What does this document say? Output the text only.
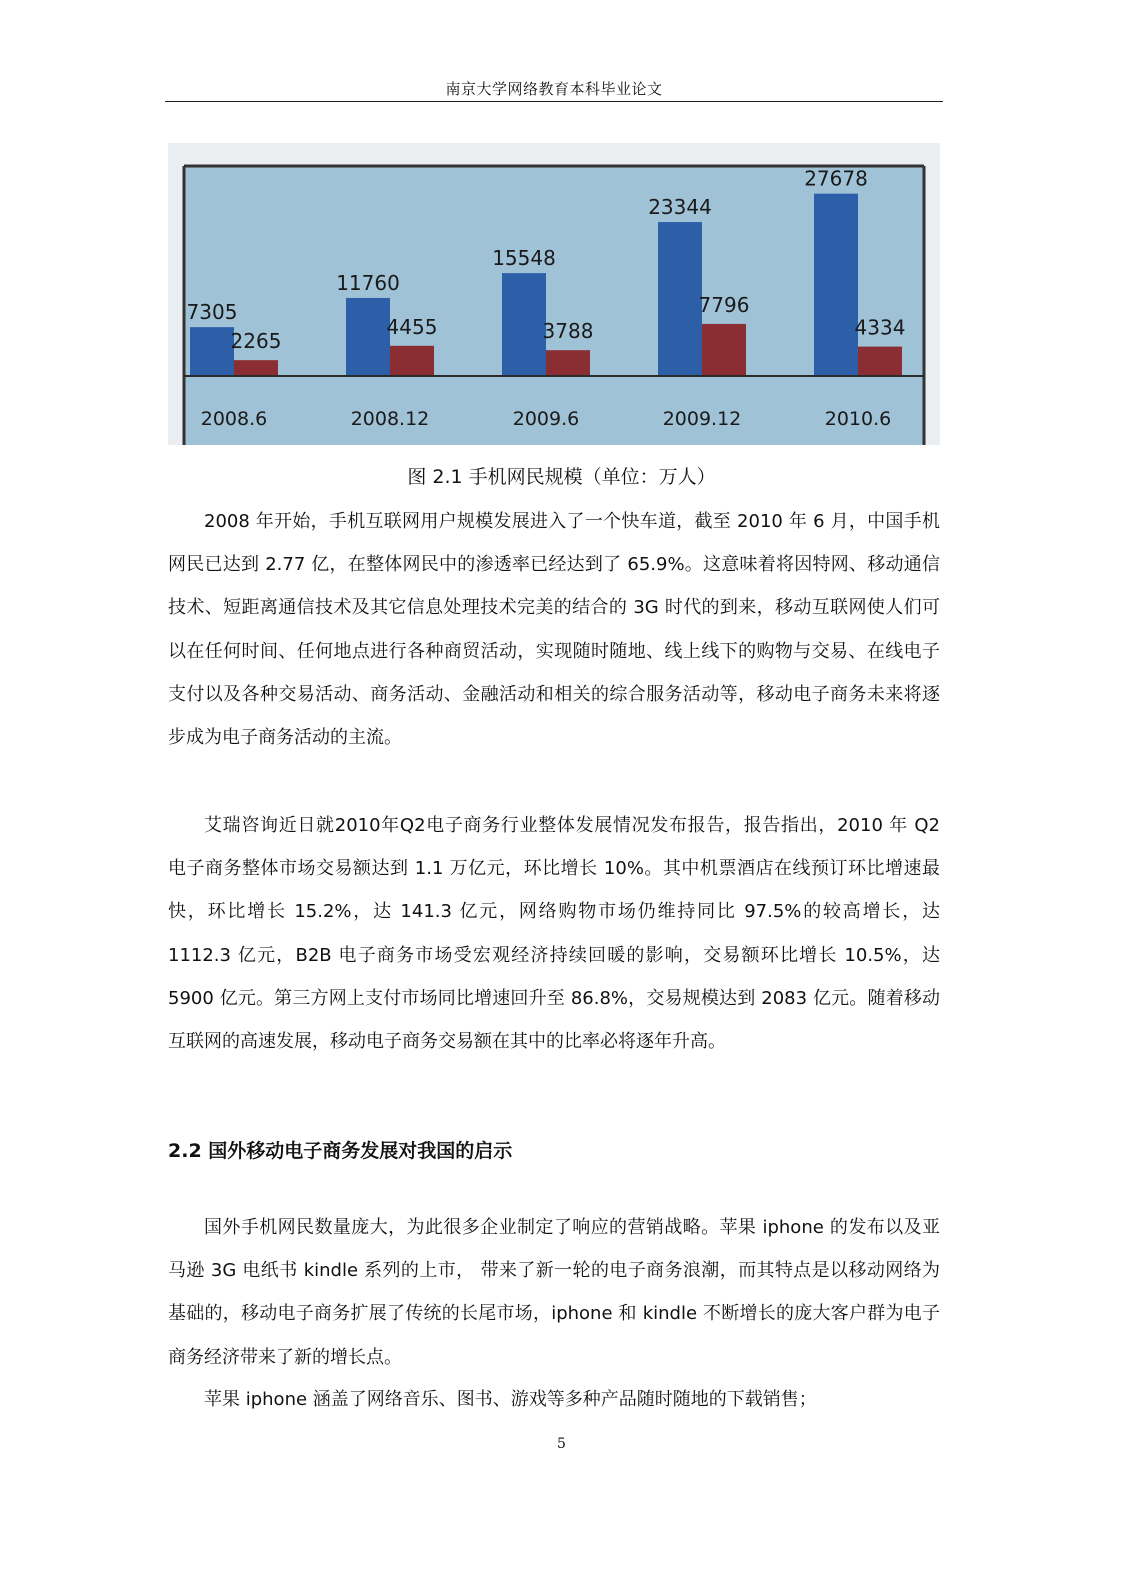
南京大学网络教育本科毕业论文
7305
11760
15548
23344
27678
2265
4455	3788
7796
4334
2008.6	2008.12	2009.6	2009.12	2010.6
图 2.1 手机网民规模（单位：万人）

2008 年开始，手机互联网用户规模发展进入了一个快车道，截至 2010 年 6 月，中国手机网民已达到 2.77 亿，在整体网民中的渗透率已经达到了 65.9%。这意味着将因特网、移动通信技术、短距离通信技术及其它信息处理技术完美的结合的 3G 时代的到来，移动互联网使人们可以在任何时间、任何地点进行各种商贸活动，实现随时随地、线上线下的购物与交易、在线电子支付以及各种交易活动、商务活动、金融活动和相关的综合服务活动等，移动电子商务未来将逐步成为电子商务活动的主流。

艾瑞咨询近日就2010年Q2电子商务行业整体发展情况发布报告，报告指出，2010 年 Q2 电子商务整体市场交易额达到 1.1 万亿元，环比增长 10%。其中机票酒店在线预订环比增速最快，环比增长 15.2%，达 141.3 亿元，网络购物市场仍维持同比 97.5%的较高增长，达 1112.3 亿元，B2B 电子商务市场受宏观经济持续回暖的影响，交易额环比增长 10.5%，达 5900 亿元。第三方网上支付市场同比增速回升至 86.8%，交易规模达到 2083 亿元。随着移动互联网的高速发展，移动电子商务交易额在其中的比率必将逐年升高。

2.2 国外移动电子商务发展对我国的启示

国外手机网民数量庞大，为此很多企业制定了响应的营销战略。苹果 iphone 的发布以及亚马逊 3G 电纸书 kindle 系列的上市， 带来了新一轮的电子商务浪潮，而其特点是以移动网络为基础的，移动电子商务扩展了传统的长尾市场，iphone 和 kindle 不断增长的庞大客户群为电子商务经济带来了新的增长点。

苹果 iphone 涵盖了网络音乐、图书、游戏等多种产品随时随地的下载销售；

5
